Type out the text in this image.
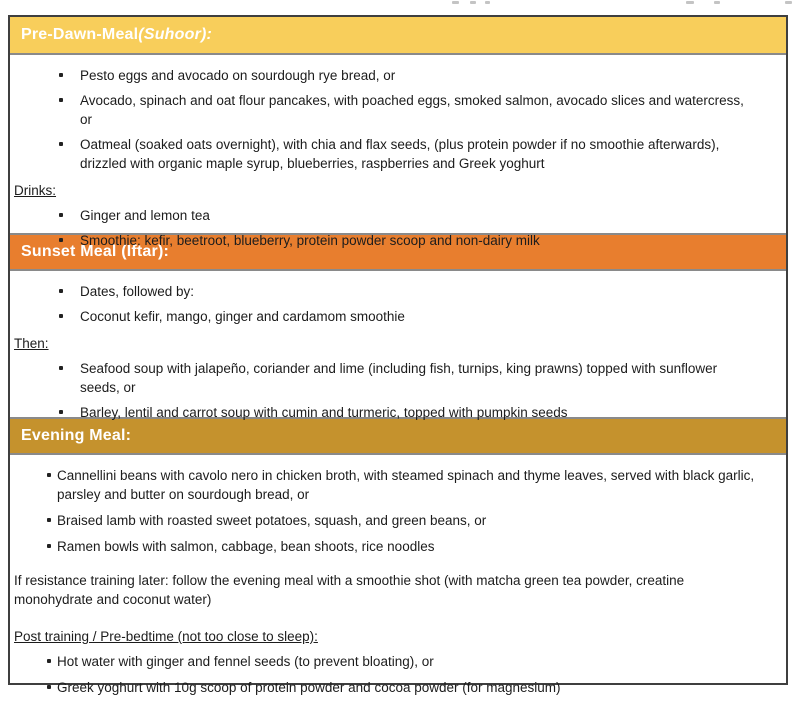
Pre-Dawn-Meal (Suhoor):
Pesto eggs and avocado on sourdough rye bread, or
Avocado, spinach and oat flour pancakes, with poached eggs, smoked salmon, avocado slices and watercress, or
Oatmeal (soaked oats overnight), with chia and flax seeds, (plus protein powder if no smoothie afterwards), drizzled with organic maple syrup, blueberries, raspberries and Greek yoghurt
Drinks:
Ginger and lemon tea
Smoothie: kefir, beetroot, blueberry, protein powder scoop and non-dairy milk
Sunset Meal (Iftar):
Dates, followed by:
Coconut kefir, mango, ginger and cardamom smoothie
Then:
Seafood soup with jalapeño, coriander and lime (including fish, turnips, king prawns) topped with sunflower seeds, or
Barley, lentil and carrot soup with cumin and turmeric, topped with pumpkin seeds
Evening Meal:
Cannellini beans with cavolo nero in chicken broth, with steamed spinach and thyme leaves, served with black garlic, parsley and butter on sourdough bread, or
Braised lamb with roasted sweet potatoes, squash, and green beans, or
Ramen bowls with salmon, cabbage, bean shoots, rice noodles
If resistance training later: follow the evening meal with a smoothie shot (with matcha green tea powder, creatine monohydrate and coconut water)
Post training / Pre-bedtime (not too close to sleep):
Hot water with ginger and fennel seeds (to prevent bloating), or
Greek yoghurt with 10g scoop of protein powder and cocoa powder (for magnesium)
